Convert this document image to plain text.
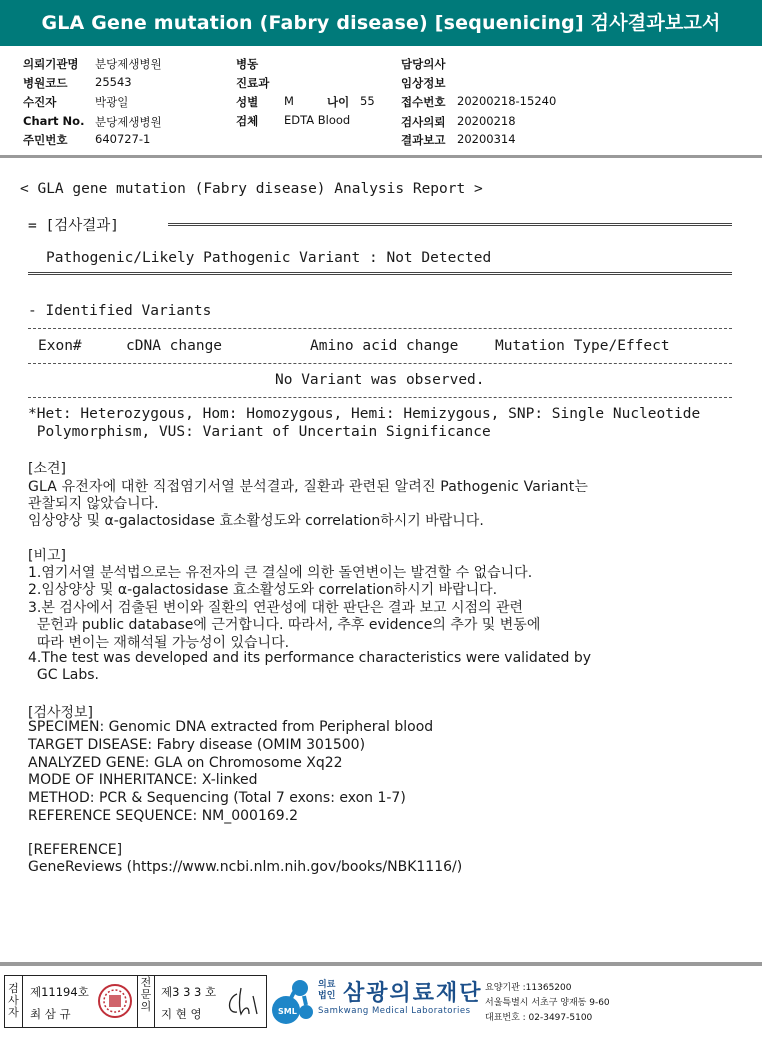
GLA Gene mutation (Fabry disease) [sequenicing] 검사결과보고서
의뢰기관명 분당제생병원
병원코드 25543
수진자	박광일
Chart No. 분당제생병원
주민번호 640727-1
병동
진료과
성별 M	나이 55
검체 EDTA Blood
담당의사
임상정보
접수번호 20200218-15240
검사의뢰 20200218
결과보고 20200314
< GLA gene mutation (Fabry disease) Analysis Report >
= [검사결과]
Pathogenic/Likely Pathogenic Variant : Not Detected
- Identified Variants
Exon#	cDNA change	Amino acid change	Mutation Type/Effect
No Variant was observed.
*Het: Heterozygous, Hom: Homozygous, Hemi: Hemizygous, SNP: Single Nucleotide
Polymorphism, VUS: Variant of Uncertain Significance
[소견]
GLA 유전자에 대한 직접염기서열 분석결과, 질환과 관련된 알려진 Pathogenic Variant는
관찰되지 않았습니다.
임상양상 및 α-galactosidase 효소활성도와 correlation하시기 바랍니다.
[비고]
1.염기서열 분석법으로는 유전자의 큰 결실에 의한 돌연변이는 발견할 수 없습니다.
2.임상양상 및 α-galactosidase 효소활성도와 correlation하시기 바랍니다.
3.본 검사에서 검출된 변이와 질환의 연관성에 대한 판단은 결과 보고 시점의 관련
문헌과 public database에 근거합니다. 따라서, 추후 evidence의 추가 및 변동에
따라 변이는 재해석될 가능성이 있습니다.
4.The test was developed and its performance characteristics were validated by
GC Labs.
[검사정보]
SPECIMEN: Genomic DNA extracted from Peripheral blood
TARGET DISEASE: Fabry disease (OMIM 301500)
ANALYZED GENE: GLA on Chromosome Xq22
MODE OF INHERITANCE: X-linked
METHOD: PCR & Sequencing (Total 7 exons: exon 1-7)
REFERENCE SEQUENCE: NM_000169.2
[REFERENCE]
GeneReviews (https://www.ncbi.nlm.nih.gov/books/NBK1116/)
검사자
제11194호
최 삼 규
전문의
제3 3 3 호
지 현 영	SML
의료
법인 삼광의료재단
Samkwang Medical Laboratories
요양기관 :11365200
서울특별시 서초구 양재동 9-60
대표번호 : 02-3497-5100
